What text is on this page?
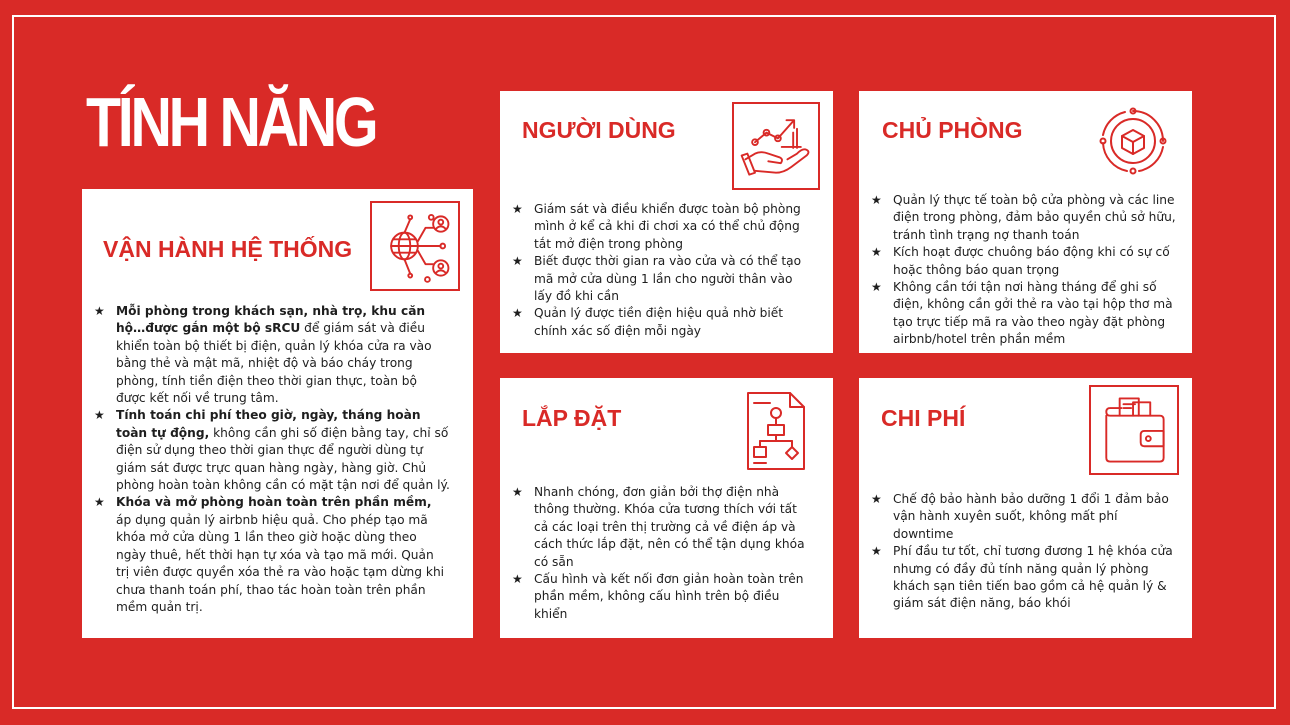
TÍNH NĂNG
VẬN HÀNH HỆ THỐNG
★ Mỗi phòng trong khách sạn, nhà trọ, khu căn hộ…được gắn một bộ sRCU để giám sát và điều khiển toàn bộ thiết bị điện, quản lý khóa cửa ra vào bằng thẻ và mật mã, nhiệt độ và báo cháy trong phòng, tính tiền điện theo thời gian thực, toàn bộ được kết nối về trung tâm.
★ Tính toán chi phí theo giờ, ngày, tháng hoàn toàn tự động, không cần ghi số điện bằng tay, chỉ số điện sử dụng theo thời gian thực để người dùng tự giám sát được trực quan hàng ngày, hàng giờ. Chủ phòng hoàn toàn không cần có mặt tận nơi để quản lý.
★ Khóa và mở phòng hoàn toàn trên phần mềm, áp dụng quản lý airbnb hiệu quả. Cho phép tạo mã khóa mở cửa dùng 1 lần theo giờ hoặc dùng theo ngày thuê, hết thời hạn tự xóa và tạo mã mới. Quản trị viên được quyền xóa thẻ ra vào hoặc tạm dừng khi chưa thanh toán phí, thao tác hoàn toàn trên phần mềm quản trị.
NGƯỜI DÙNG
★ Giám sát và điều khiển được toàn bộ phòng mình ở kể cả khi đi chơi xa có thể chủ động tắt mở điện trong phòng
★ Biết được thời gian ra vào cửa và có thể tạo mã mở cửa dùng 1 lần cho người thân vào lấy đồ khi cần
★ Quản lý được tiền điện hiệu quả nhờ biết chính xác số điện mỗi ngày
CHỦ PHÒNG
★ Quản lý thực tế toàn bộ cửa phòng và các line điện trong phòng, đảm bảo quyền chủ sở hữu, tránh tình trạng nợ thanh toán
★ Kích hoạt được chuông báo động khi có sự cố hoặc thông báo quan trọng
★ Không cần tới tận nơi hàng tháng để ghi số điện, không cần gởi thẻ ra vào tại hộp thơ mà tạo trực tiếp mã ra vào theo ngày đặt phòng airbnb/hotel trên phần mềm
LẮP ĐẶT
★ Nhanh chóng, đơn giản bởi thợ điện nhà thông thường. Khóa cửa tương thích với tất cả các loại trên thị trường cả về điện áp và cách thức lắp đặt, nên có thể tận dụng khóa có sẵn
★ Cấu hình và kết nối đơn giản hoàn toàn trên phần mềm, không cấu hình trên bộ điều khiển
CHI PHÍ
★ Chế độ bảo hành bảo dưỡng 1 đổi 1 đảm bảo vận hành xuyên suốt, không mất phí downtime
★ Phí đầu tư tốt, chỉ tương đương 1 hệ khóa cửa nhưng có đầy đủ tính năng quản lý phòng khách sạn tiên tiến bao gồm cả hệ quản lý & giám sát điện năng, báo khói
